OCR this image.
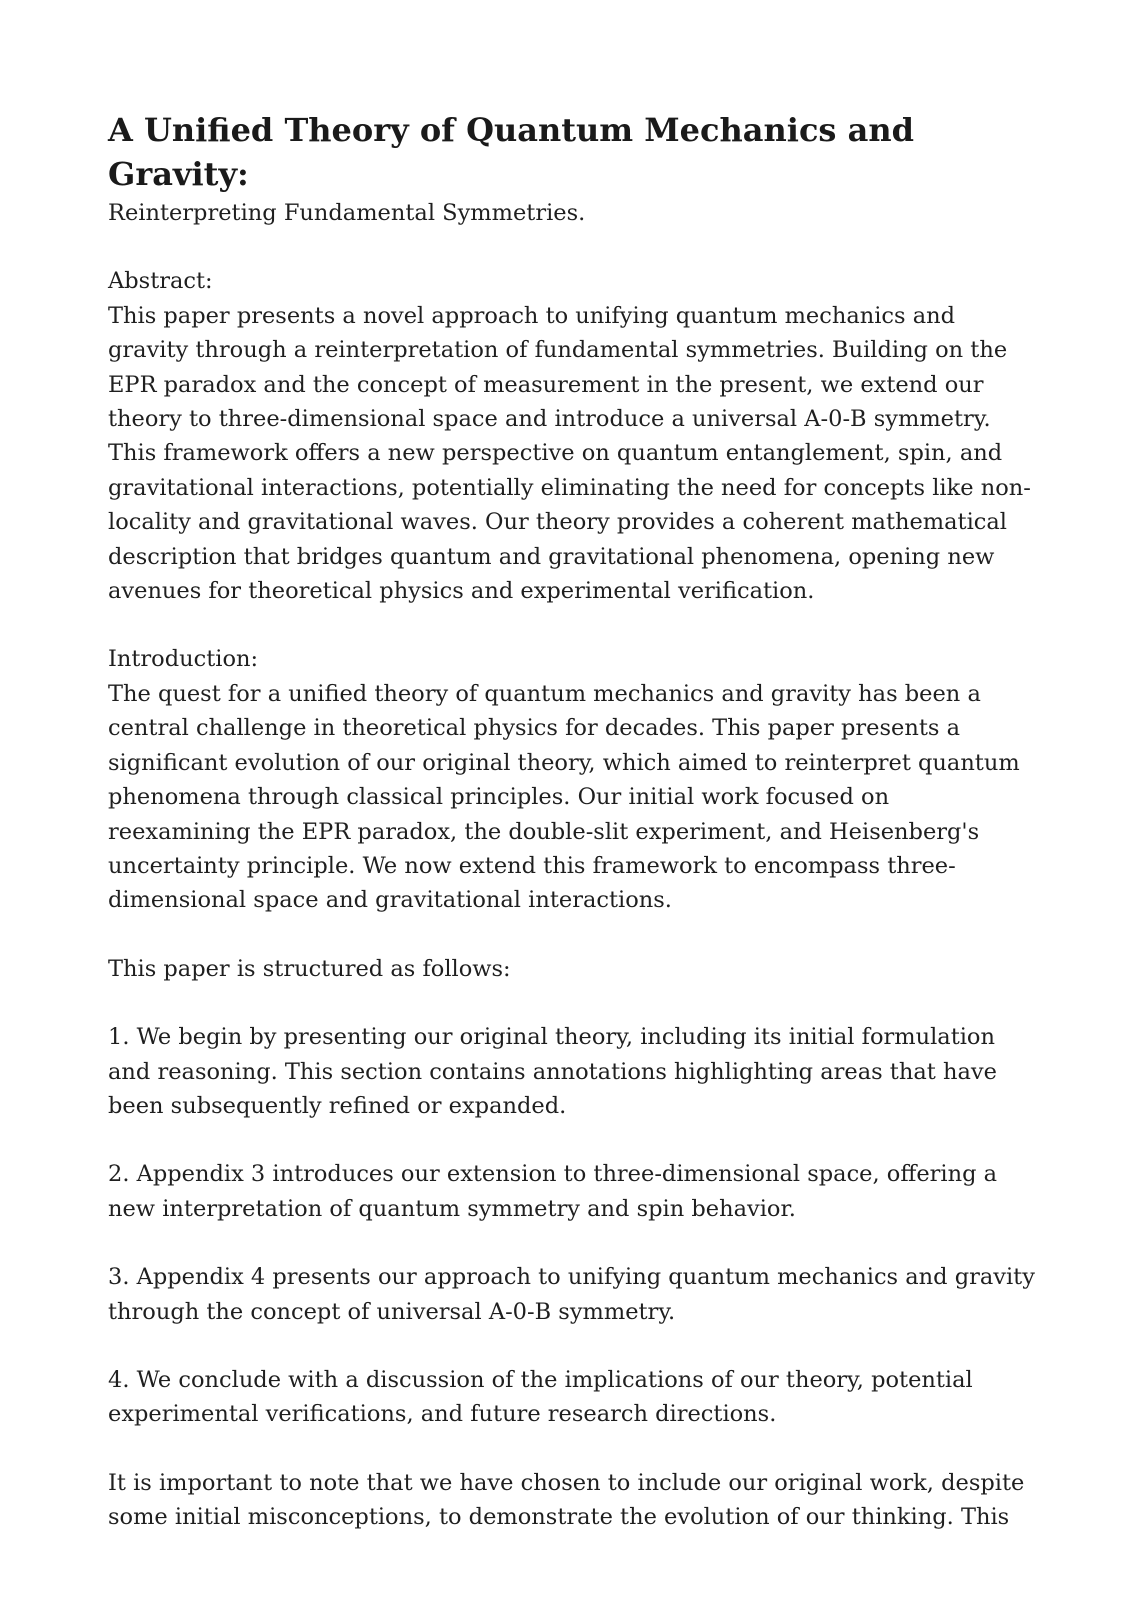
A Unified Theory of Quantum Mechanics and Gravity:

Reinterpreting Fundamental Symmetries.

Abstract:

This paper presents a novel approach to unifying quantum mechanics and gravity through a reinterpretation of fundamental symmetries. Building on the EPR paradox and the concept of measurement in the present, we extend our theory to three-dimensional space and introduce a universal A-0-B symmetry. This framework offers a new perspective on quantum entanglement, spin, and gravitational interactions, potentially eliminating the need for concepts like non-locality and gravitational waves. Our theory provides a coherent mathematical description that bridges quantum and gravitational phenomena, opening new avenues for theoretical physics and experimental verification.

Introduction:

The quest for a unified theory of quantum mechanics and gravity has been a central challenge in theoretical physics for decades. This paper presents a significant evolution of our original theory, which aimed to reinterpret quantum phenomena through classical principles. Our initial work focused on reexamining the EPR paradox, the double-slit experiment, and Heisenberg's uncertainty principle. We now extend this framework to encompass three-dimensional space and gravitational interactions.

This paper is structured as follows:

1. We begin by presenting our original theory, including its initial formulation and reasoning. This section contains annotations highlighting areas that have been subsequently refined or expanded.

2. Appendix 3 introduces our extension to three-dimensional space, offering a new interpretation of quantum symmetry and spin behavior.

3. Appendix 4 presents our approach to unifying quantum mechanics and gravity through the concept of universal A-0-B symmetry.

4. We conclude with a discussion of the implications of our theory, potential experimental verifications, and future research directions.

It is important to note that we have chosen to include our original work, despite some initial misconceptions, to demonstrate the evolution of our thinking. This
